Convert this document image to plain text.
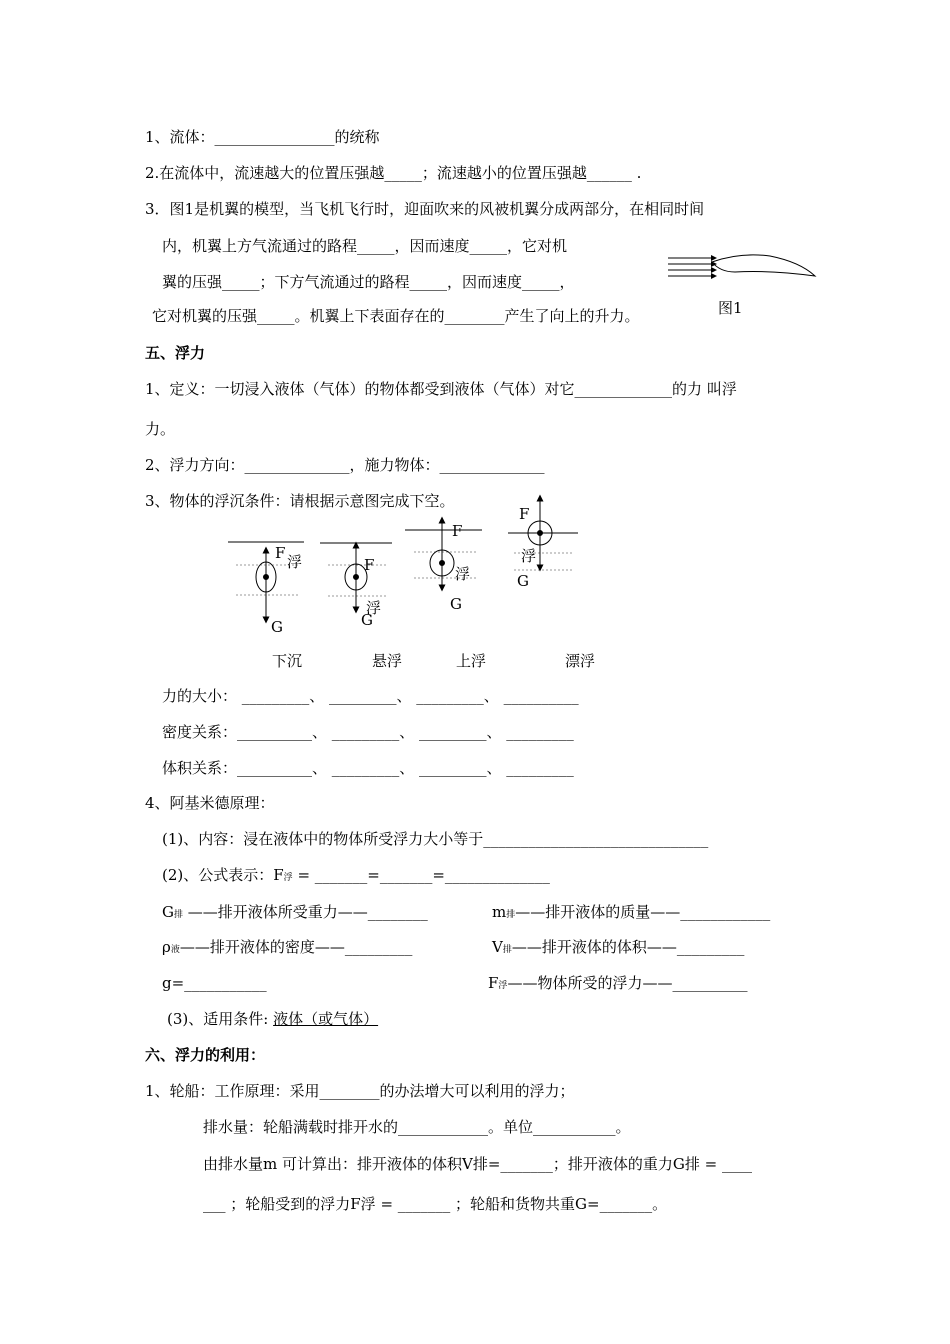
1、流体：________________的统称
2.在流体中，流速越大的位置压强越_____；流速越小的位置压强越______ .
3．图1是机翼的模型，当飞机飞行时，迎面吹来的风被机翼分成两部分，在相同时间
内，机翼上方气流通过的路程_____，因而速度_____，它对机
翼的压强_____；下方气流通过的路程_____，因而速度_____，
它对机翼的压强_____。机翼上下表面存在的________产生了向上的升力。	图1
F 浮
G
F
浮
G
F
浮
G
F
浮
G
下沉	悬浮	上浮	漂浮
五、浮力
1、定义：一切浸入液体（气体）的物体都受到液体（气体）对它_____________的力 叫浮
力。
2、浮力方向：______________，施力物体：______________
3、物体的浮沉条件：请根据示意图完成下空。
力的大小： _________、 _________、 _________、 __________
密度关系：__________、 _________、 _________、 _________
体积关系：__________、 _________、 _________、 _________
4、阿基米德原理：
(1)、内容：浸在液体中的物体所受浮力大小等于______________________________
(2)、公式表示：F浮 = _______=_______=______________
G排 ——排开液体所受重力——________	m排——排开液体的质量——____________
ρ液——排开液体的密度——_________	V排——排开液体的体积——_________
g=___________	F浮——物体所受的浮力——__________
(3)、适用条件: 液体（或气体）
六、浮力的利用：
1、轮船：工作原理：采用________的办法增大可以利用的浮力；
排水量：轮船满载时排开水的____________。单位___________。
由排水量m 可计算出：排开液体的体积V排=_______；排开液体的重力G排 = ____
___ ；轮船受到的浮力F浮 = _______ ；轮船和货物共重G=_______。
